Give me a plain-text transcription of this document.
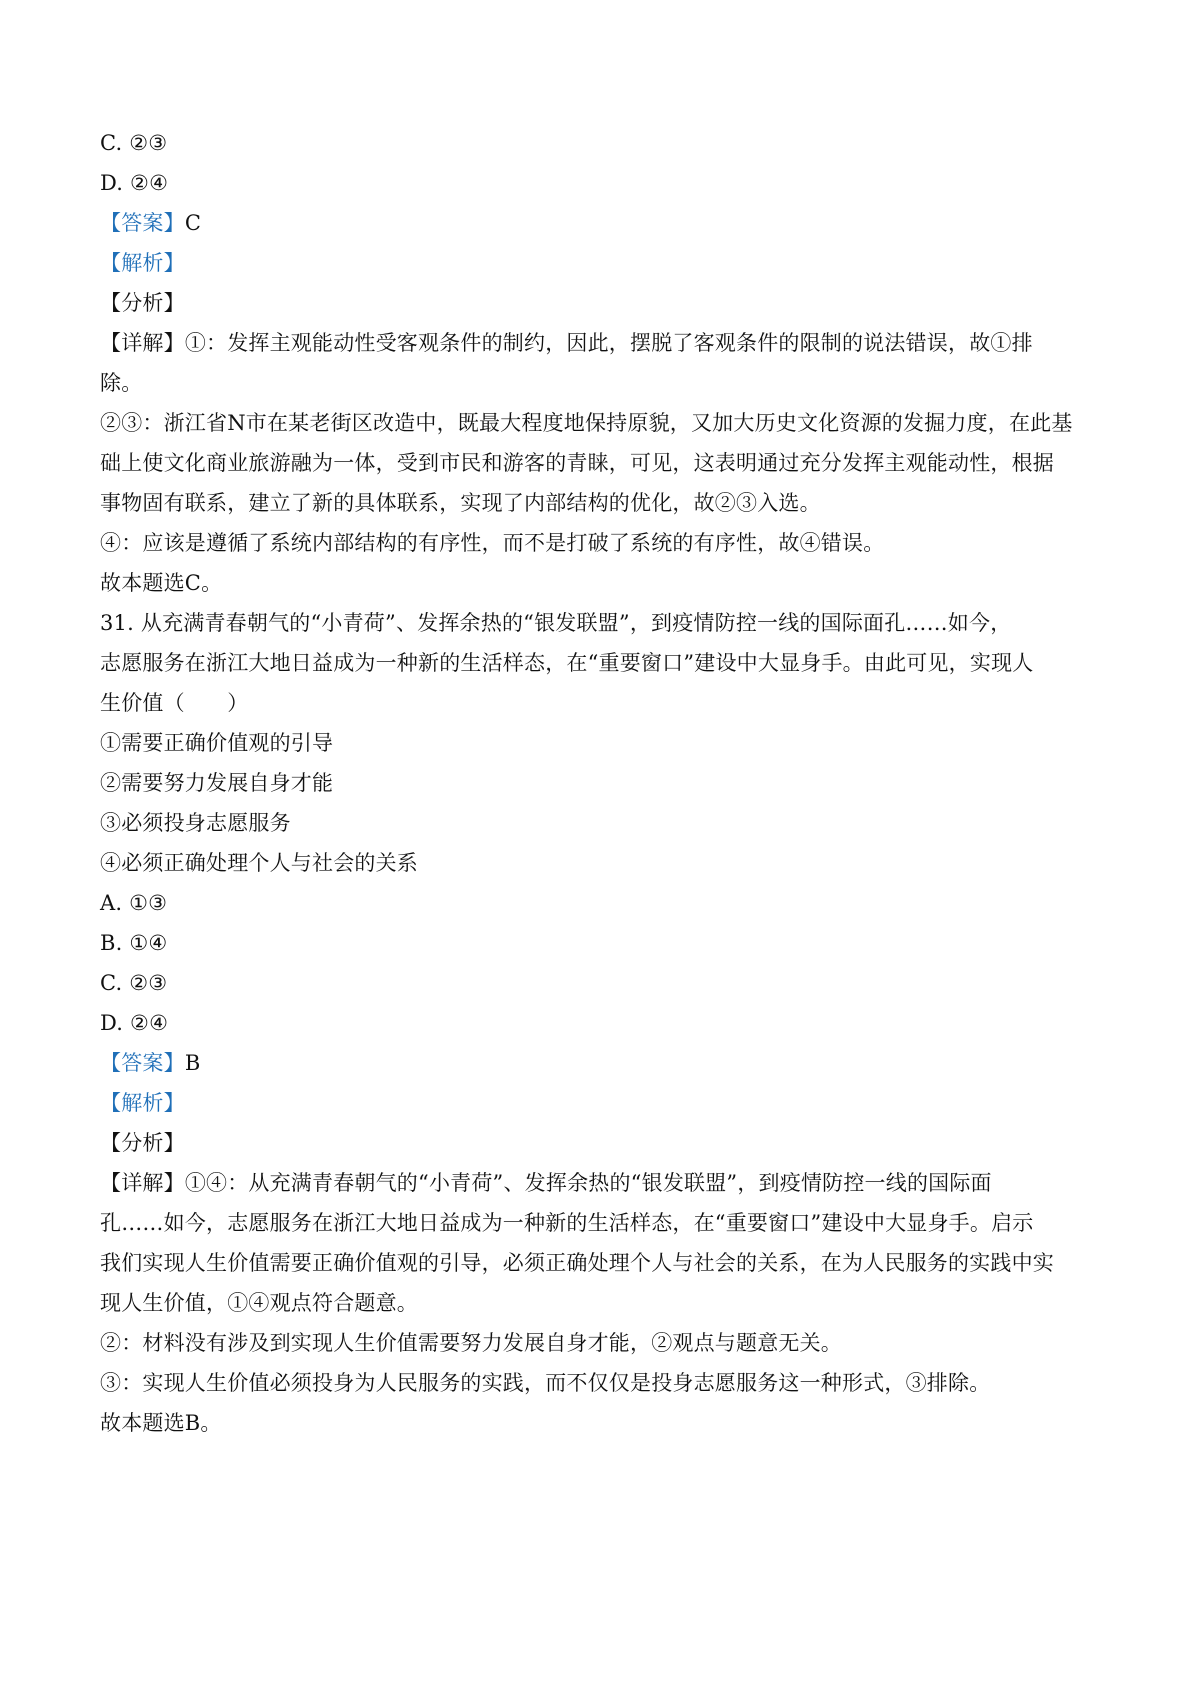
C. ②③
D. ②④
【答案】C
【解析】
【分析】
【详解】①：发挥主观能动性受客观条件的制约，因此，摆脱了客观条件的限制的说法错误，故①排
除。
②③：浙江省N市在某老街区改造中，既最大程度地保持原貌，又加大历史文化资源的发掘力度，在此基
础上使文化商业旅游融为一体，受到市民和游客的青睐，可见，这表明通过充分发挥主观能动性，根据
事物固有联系，建立了新的具体联系，实现了内部结构的优化，故②③入选。
④：应该是遵循了系统内部结构的有序性，而不是打破了系统的有序性，故④错误。
故本题选C。
31. 从充满青春朝气的“小青荷”、发挥余热的“银发联盟”，到疫情防控一线的国际面孔……如今，
志愿服务在浙江大地日益成为一种新的生活样态，在“重要窗口”建设中大显身手。由此可见，实现人
生价值（　　）
①需要正确价值观的引导
②需要努力发展自身才能
③必须投身志愿服务
④必须正确处理个人与社会的关系
A. ①③
B. ①④
C. ②③
D. ②④
【答案】B
【解析】
【分析】
【详解】①④：从充满青春朝气的“小青荷”、发挥余热的“银发联盟”，到疫情防控一线的国际面
孔……如今，志愿服务在浙江大地日益成为一种新的生活样态，在“重要窗口”建设中大显身手。启示
我们实现人生价值需要正确价值观的引导，必须正确处理个人与社会的关系，在为人民服务的实践中实
现人生价值，①④观点符合题意。
②：材料没有涉及到实现人生价值需要努力发展自身才能，②观点与题意无关。
③：实现人生价值必须投身为人民服务的实践，而不仅仅是投身志愿服务这一种形式，③排除。
故本题选B。
